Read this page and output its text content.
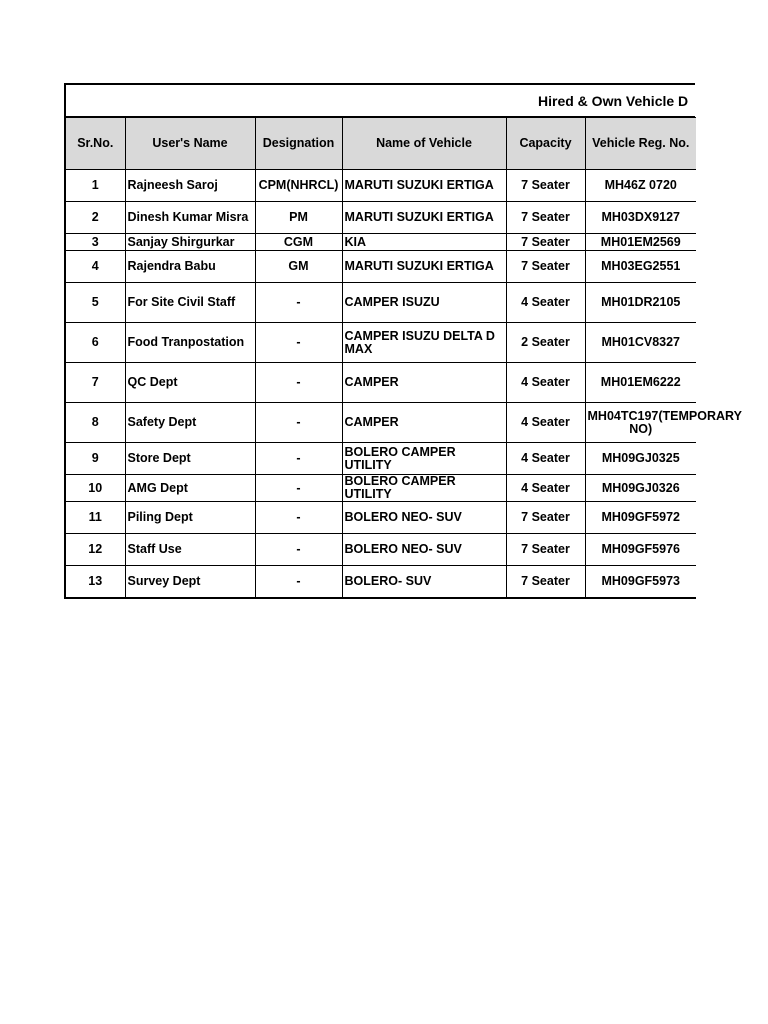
Hired & Own Vehicle D
Sr.No.	User's Name	Designation	Name of Vehicle	Capacity	Vehicle Reg. No.
1	Rajneesh Saroj	CPM(NHRCL)	MARUTI SUZUKI ERTIGA	7 Seater	MH46Z 0720
2	Dinesh Kumar Misra	PM	MARUTI SUZUKI ERTIGA	7 Seater	MH03DX9127
3	Sanjay Shirgurkar	CGM	KIA	7 Seater	MH01EM2569
4	Rajendra Babu	GM	MARUTI SUZUKI ERTIGA	7 Seater	MH03EG2551
5	For Site Civil Staff	-	CAMPER ISUZU	4 Seater	MH01DR2105
6	Food Tranpostation	-	CAMPER ISUZU DELTA D MAX	2 Seater	MH01CV8327
7	QC Dept	-	CAMPER	4 Seater	MH01EM6222
8	Safety Dept	-	CAMPER	4 Seater	MH04TC197(TEMPORARY NO)
9	Store Dept	-	BOLERO CAMPER UTILITY	4 Seater	MH09GJ0325
10	AMG Dept	-	BOLERO CAMPER UTILITY	4 Seater	MH09GJ0326
11	Piling Dept	-	BOLERO NEO- SUV	7 Seater	MH09GF5972
12	Staff Use	-	BOLERO NEO- SUV	7 Seater	MH09GF5976
13	Survey Dept	-	BOLERO- SUV	7 Seater	MH09GF5973
